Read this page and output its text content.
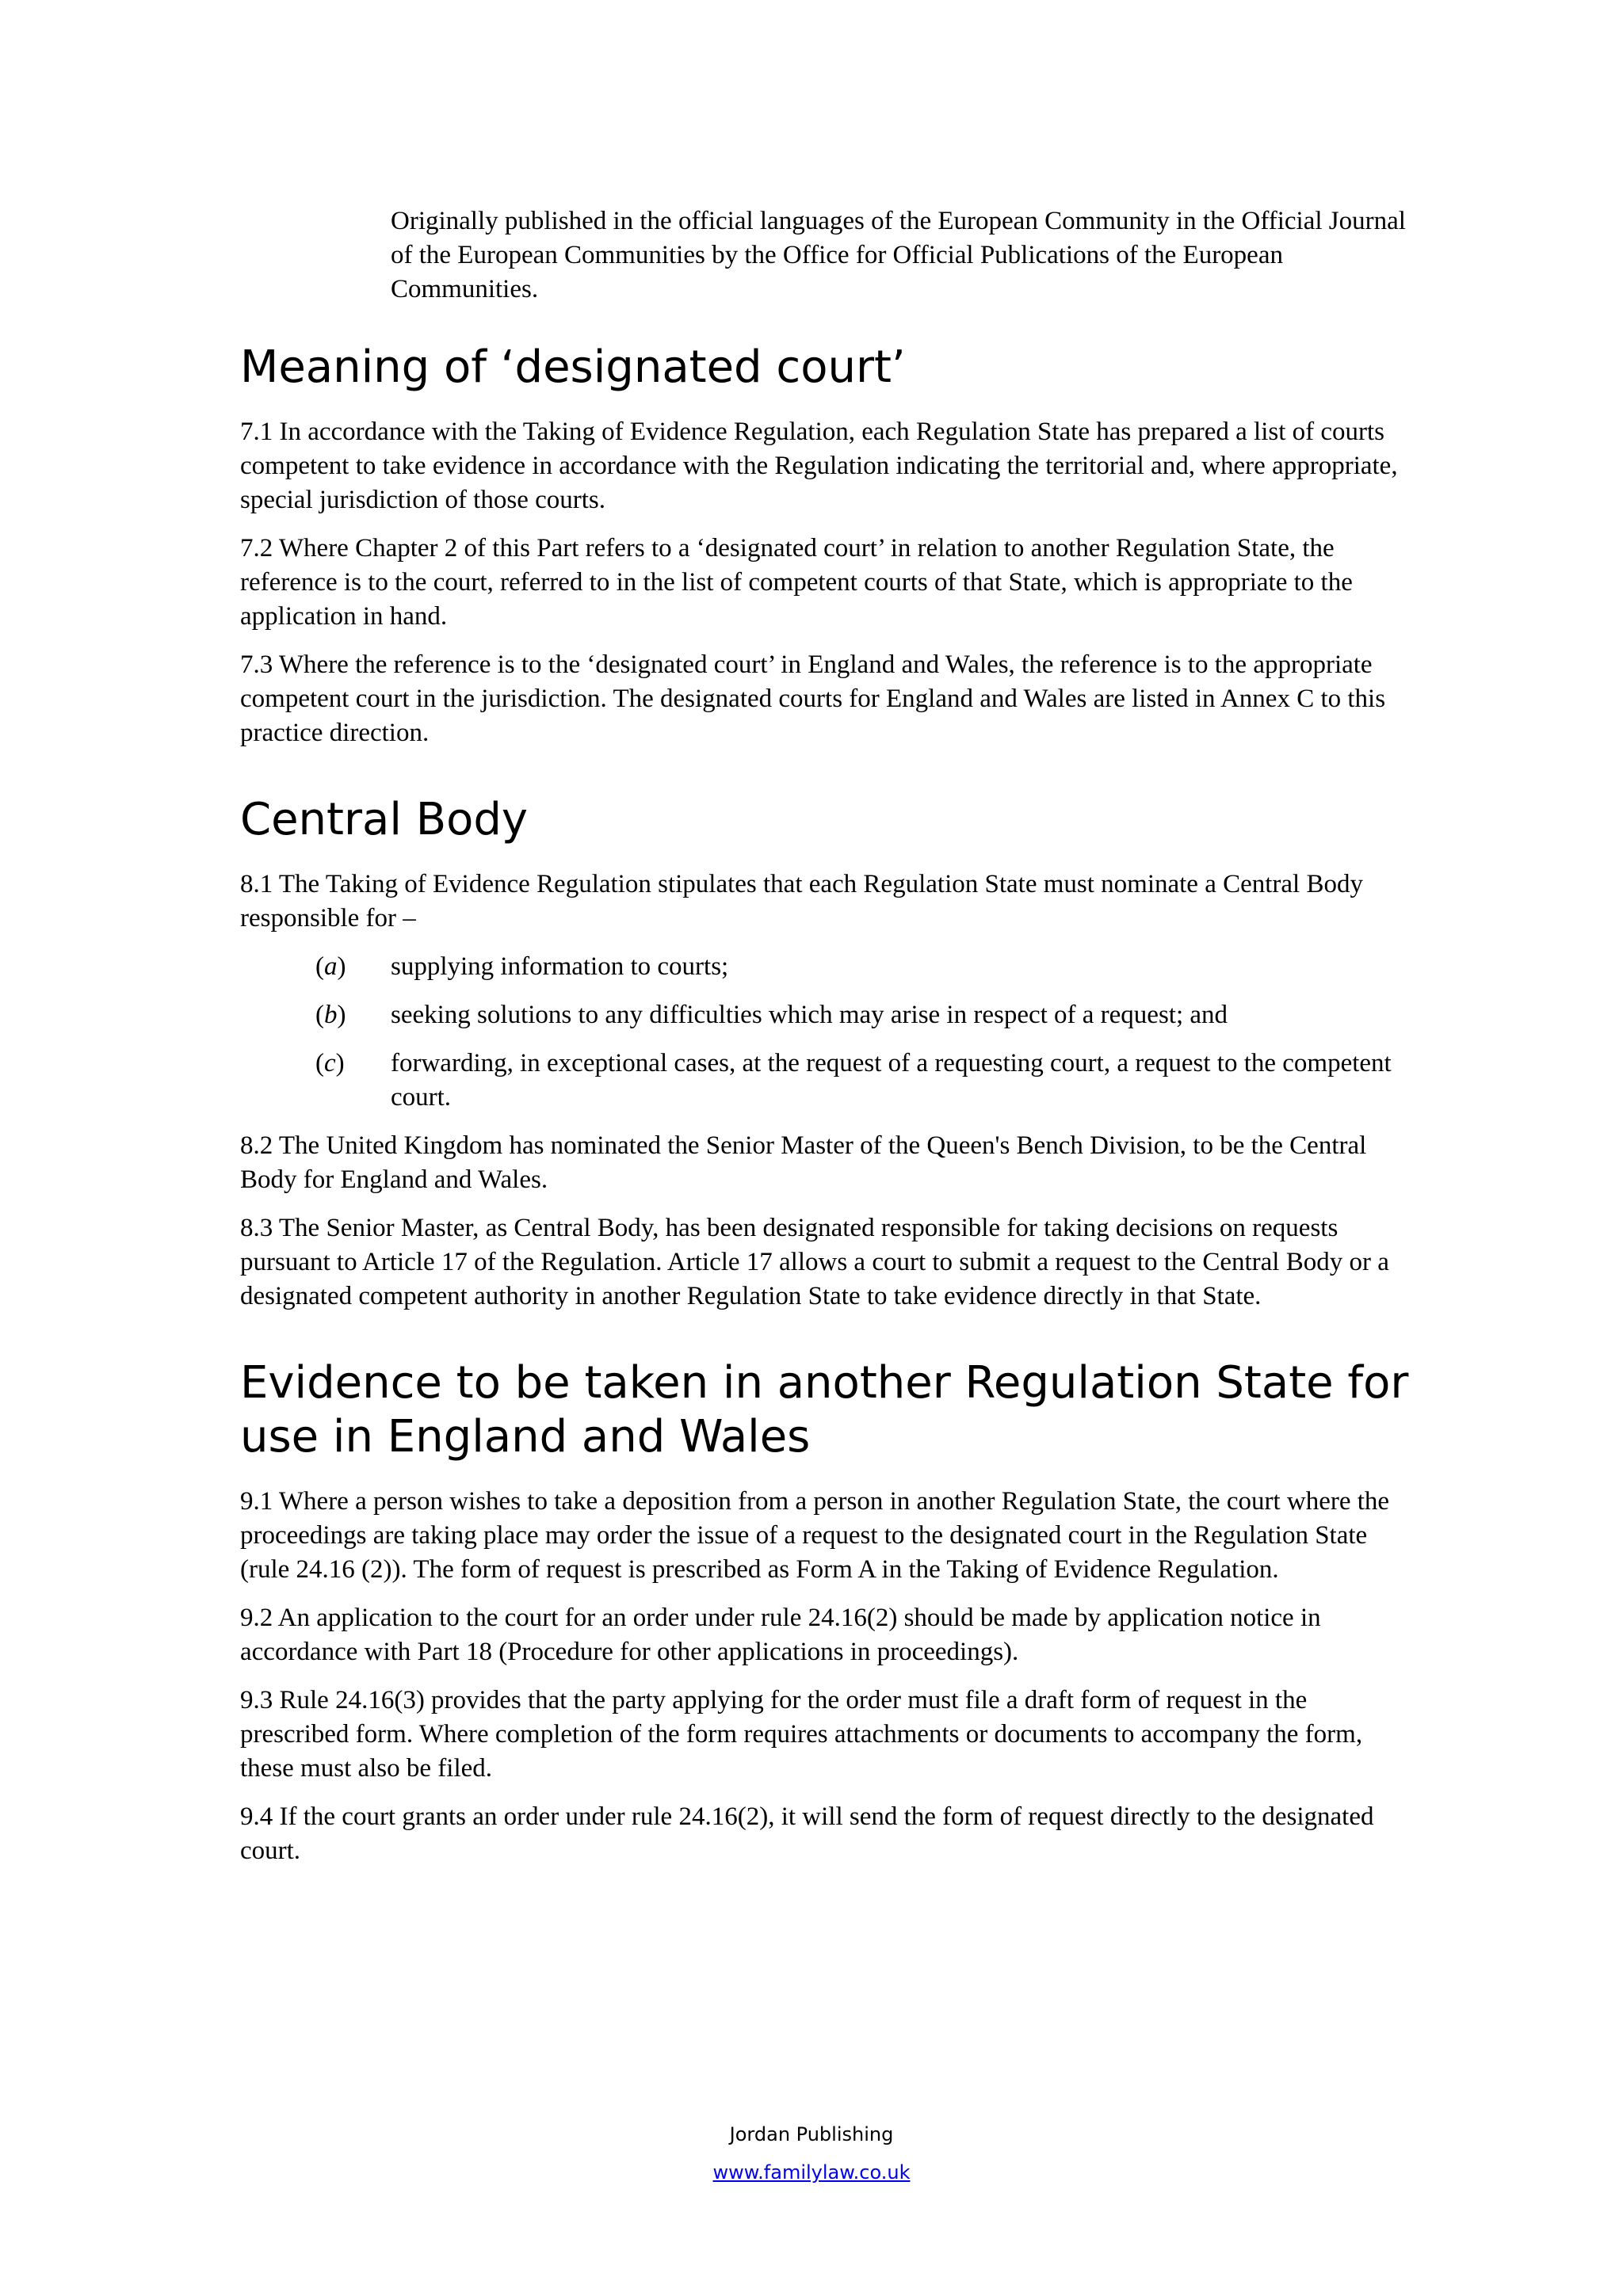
Originally published in the official languages of the European Community in the Official Journal of the European Communities by the Office for Official Publications of the European Communities.
Meaning of ‘designated court’

7.1 In accordance with the Taking of Evidence Regulation, each Regulation State has prepared a list of courts competent to take evidence in accordance with the Regulation indicating the territorial and, where appropriate, special jurisdiction of those courts.

7.2 Where Chapter 2 of this Part refers to a ‘designated court’ in relation to another Regulation State, the reference is to the court, referred to in the list of competent courts of that State, which is appropriate to the application in hand.

7.3 Where the reference is to the ‘designated court’ in England and Wales, the reference is to the appropriate competent court in the jurisdiction. The designated courts for England and Wales are listed in Annex C to this practice direction.

Central Body

8.1 The Taking of Evidence Regulation stipulates that each Regulation State must nominate a Central Body responsible for –

(a)	supplying information to courts;
(b)	seeking solutions to any difficulties which may arise in respect of a request; and
(c)	forwarding, in exceptional cases, at the request of a requesting court, a request to the competent court.

8.2 The United Kingdom has nominated the Senior Master of the Queen's Bench Division, to be the Central Body for England and Wales.

8.3 The Senior Master, as Central Body, has been designated responsible for taking decisions on requests pursuant to Article 17 of the Regulation. Article 17 allows a court to submit a request to the Central Body or a designated competent authority in another Regulation State to take evidence directly in that State.

Evidence to be taken in another Regulation State for use in England and Wales

9.1 Where a person wishes to take a deposition from a person in another Regulation State, the court where the proceedings are taking place may order the issue of a request to the designated court in the Regulation State (rule 24.16 (2)). The form of request is prescribed as Form A in the Taking of Evidence Regulation.

9.2 An application to the court for an order under rule 24.16(2) should be made by application notice in accordance with Part 18 (Procedure for other applications in proceedings).

9.3 Rule 24.16(3) provides that the party applying for the order must file a draft form of request in the prescribed form. Where completion of the form requires attachments or documents to accompany the form, these must also be filed.

9.4 If the court grants an order under rule 24.16(2), it will send the form of request directly to the designated court.

Jordan Publishing
www.familylaw.co.uk
